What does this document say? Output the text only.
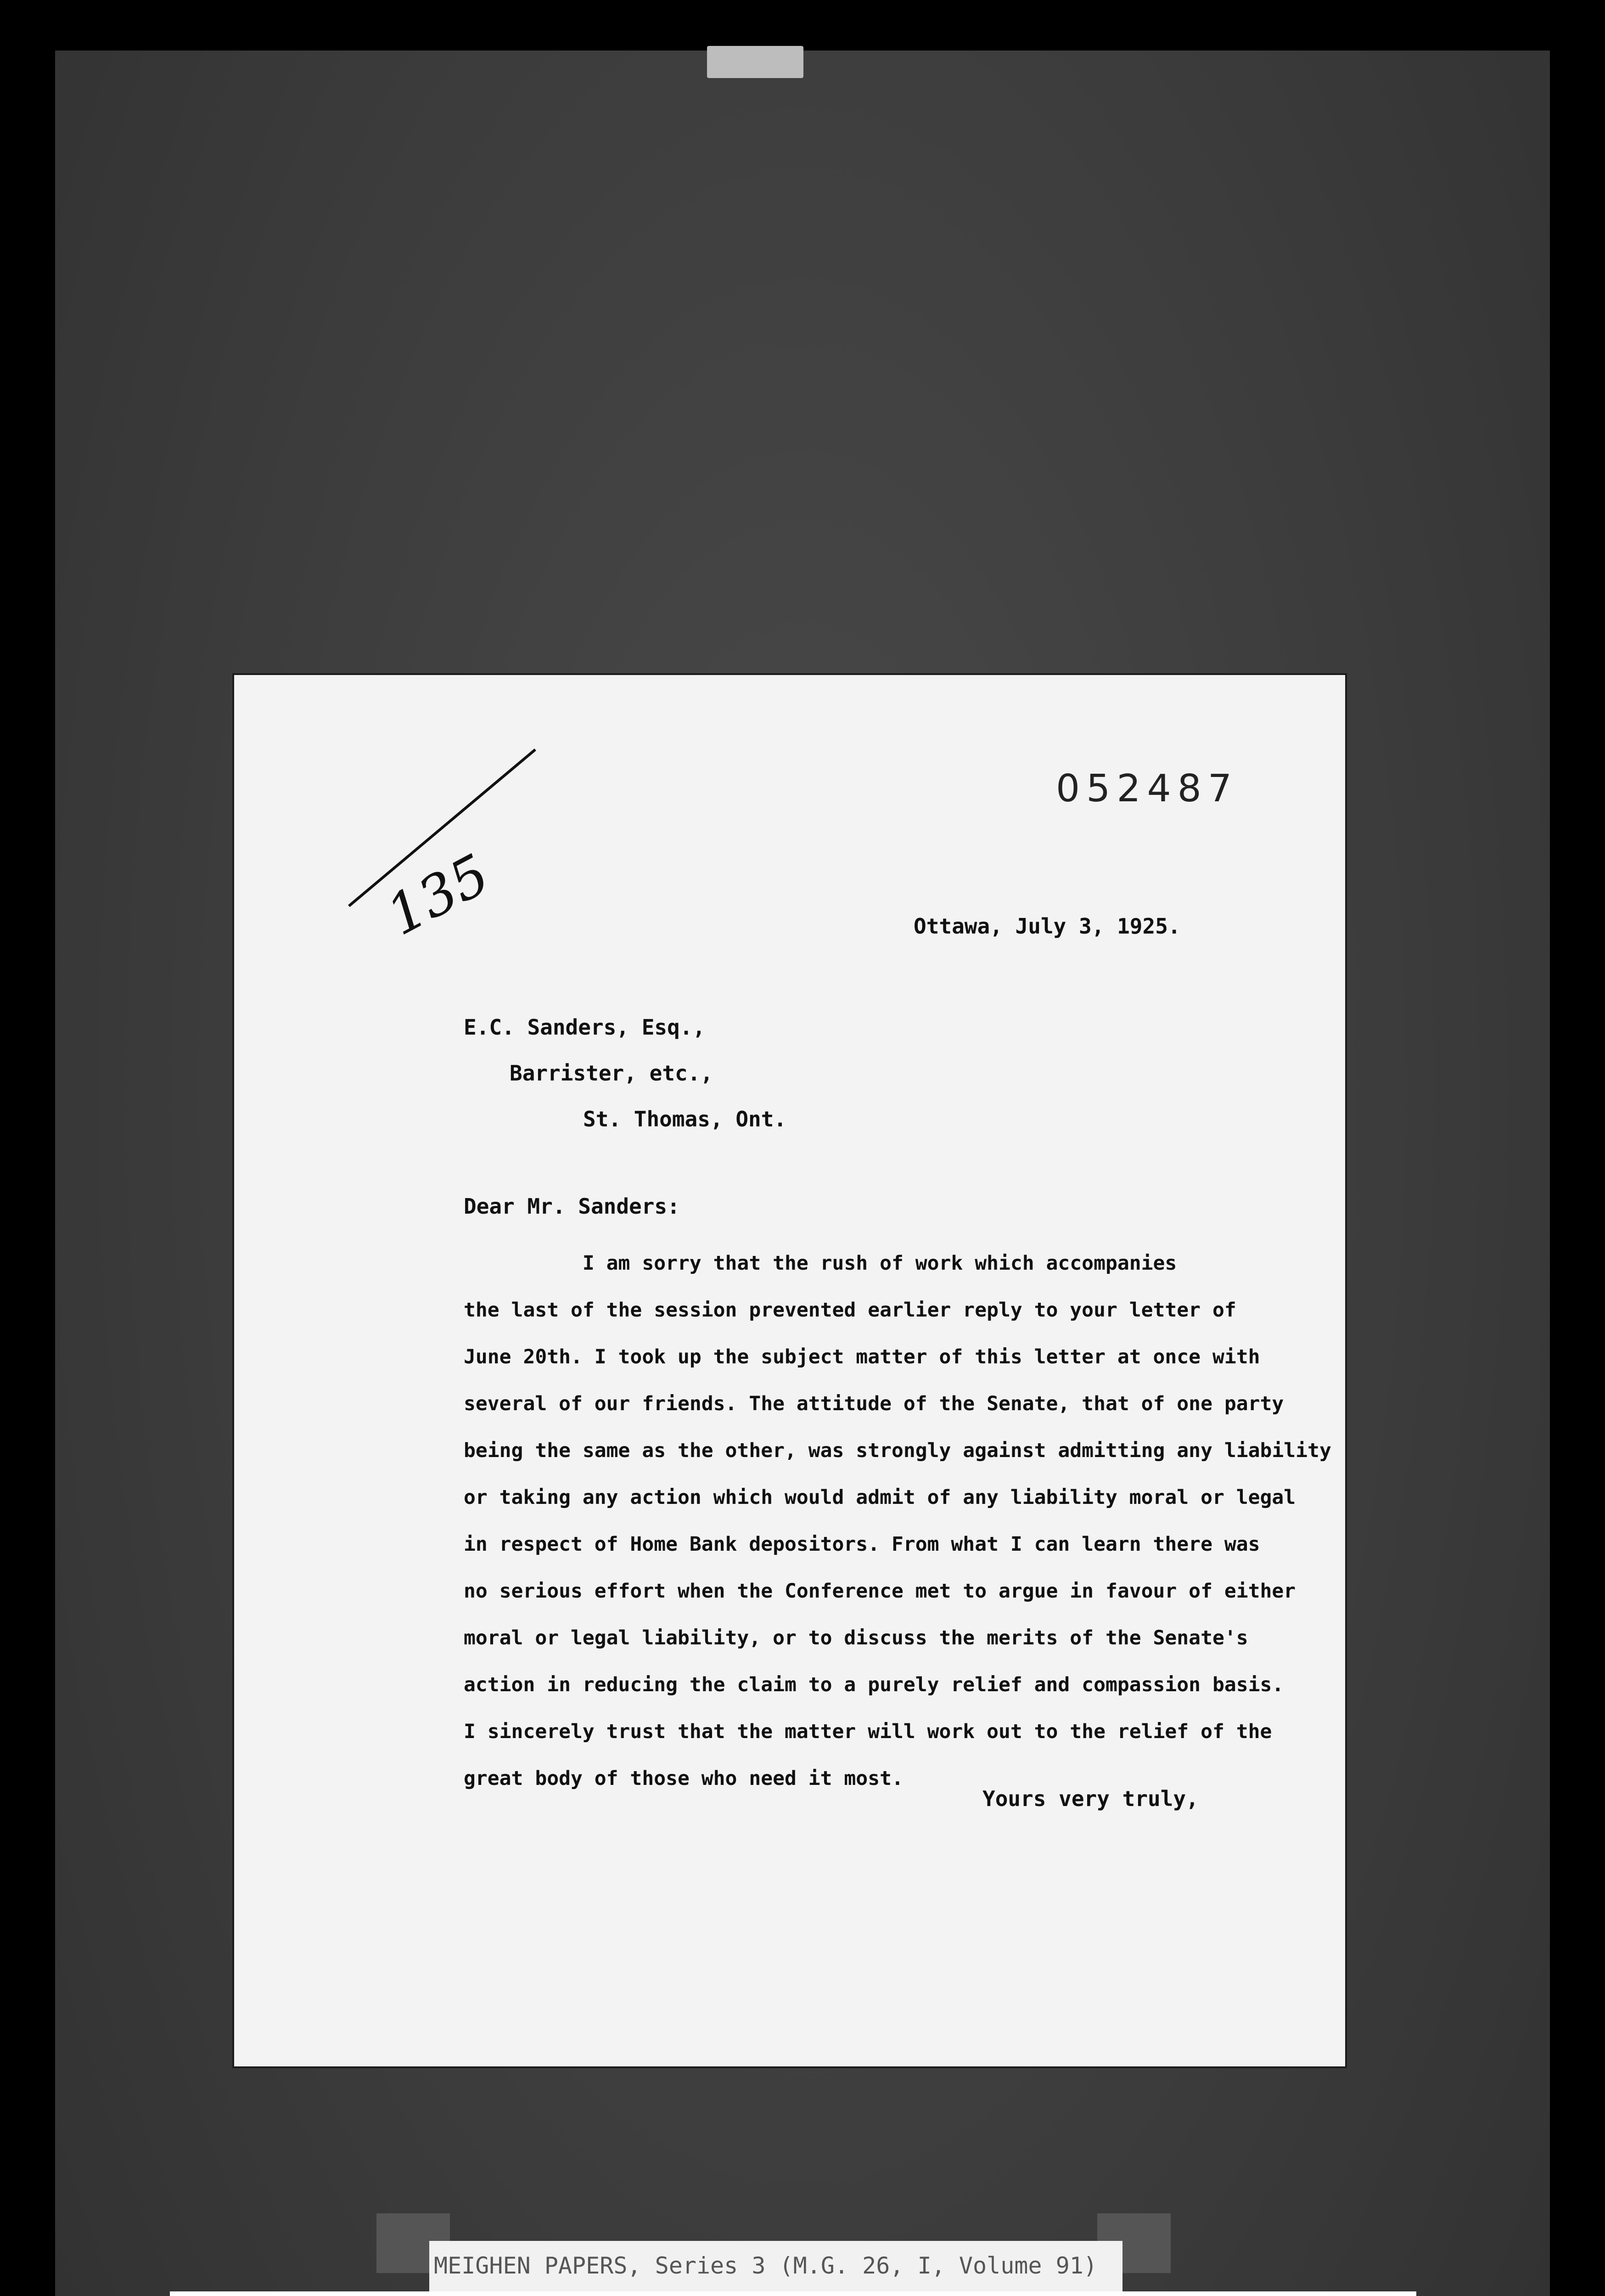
052487
135	Ottawa, July 3, 1925.
E.C. Sanders, Esq.,
Barrister, etc.,
St. Thomas, Ont.
Dear Mr. Sanders:
I am sorry that the rush of work which accompanies
the last of the session prevented earlier reply to your letter of
June 20th. I took up the subject matter of this letter at once with
several of our friends. The attitude of the Senate, that of one party
being the same as the other, was strongly against admitting any liability
or taking any action which would admit of any liability moral or legal
in respect of Home Bank depositors. From what I can learn there was
no serious effort when the Conference met to argue in favour of either
moral or legal liability, or to discuss the merits of the Senate's
action in reducing the claim to a purely relief and compassion basis.
I sincerely trust that the matter will work out to the relief of the
great body of those who need it most.
Yours very truly,
MEIGHEN PAPERS, Series 3 (M.G. 26, I, Volume 91)
